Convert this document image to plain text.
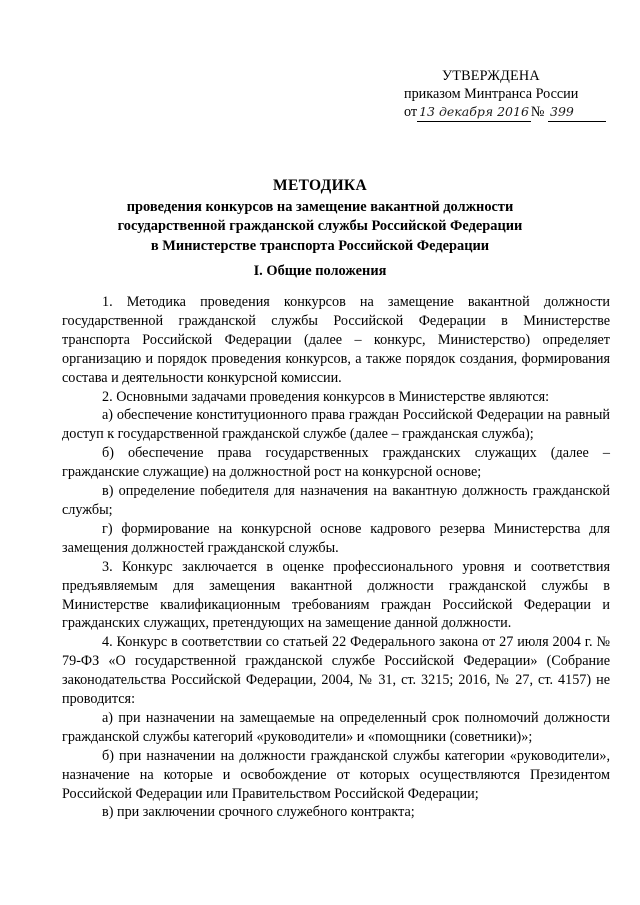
УТВЕРЖДЕНА
приказом Минтранса России
от 13 декабря 2016 № 399
МЕТОДИКА
проведения конкурсов на замещение вакантной должности
государственной гражданской службы Российской Федерации
в Министерстве транспорта Российской Федерации
I. Общие положения

1. Методика проведения конкурсов на замещение вакантной должности государственной гражданской службы Российской Федерации в Министерстве транспорта Российской Федерации (далее – конкурс, Министерство) определяет организацию и порядок проведения конкурсов, а также порядок создания, формирования состава и деятельности конкурсной комиссии.

2. Основными задачами проведения конкурсов в Министерстве являются:

а) обеспечение конституционного права граждан Российской Федерации на равный доступ к государственной гражданской службе (далее – гражданская служба);

б) обеспечение права государственных гражданских служащих (далее – гражданские служащие) на должностной рост на конкурсной основе;

в) определение победителя для назначения на вакантную должность гражданской службы;

г) формирование на конкурсной основе кадрового резерва Министерства для замещения должностей гражданской службы.

3. Конкурс заключается в оценке профессионального уровня и соответствия предъявляемым для замещения вакантной должности гражданской службы в Министерстве квалификационным требованиям граждан Российской Федерации и гражданских служащих, претендующих на замещение данной должности.

4. Конкурс в соответствии со статьей 22 Федерального закона от 27 июля 2004 г. № 79-ФЗ «О государственной гражданской службе Российской Федерации» (Собрание законодательства Российской Федерации, 2004, № 31, ст. 3215; 2016, № 27, ст. 4157) не проводится:

а) при назначении на замещаемые на определенный срок полномочий должности гражданской службы категорий «руководители» и «помощники (советники)»;

б) при назначении на должности гражданской службы категории «руководители», назначение на которые и освобождение от которых осуществляются Президентом Российской Федерации или Правительством Российской Федерации;

в) при заключении срочного служебного контракта;
